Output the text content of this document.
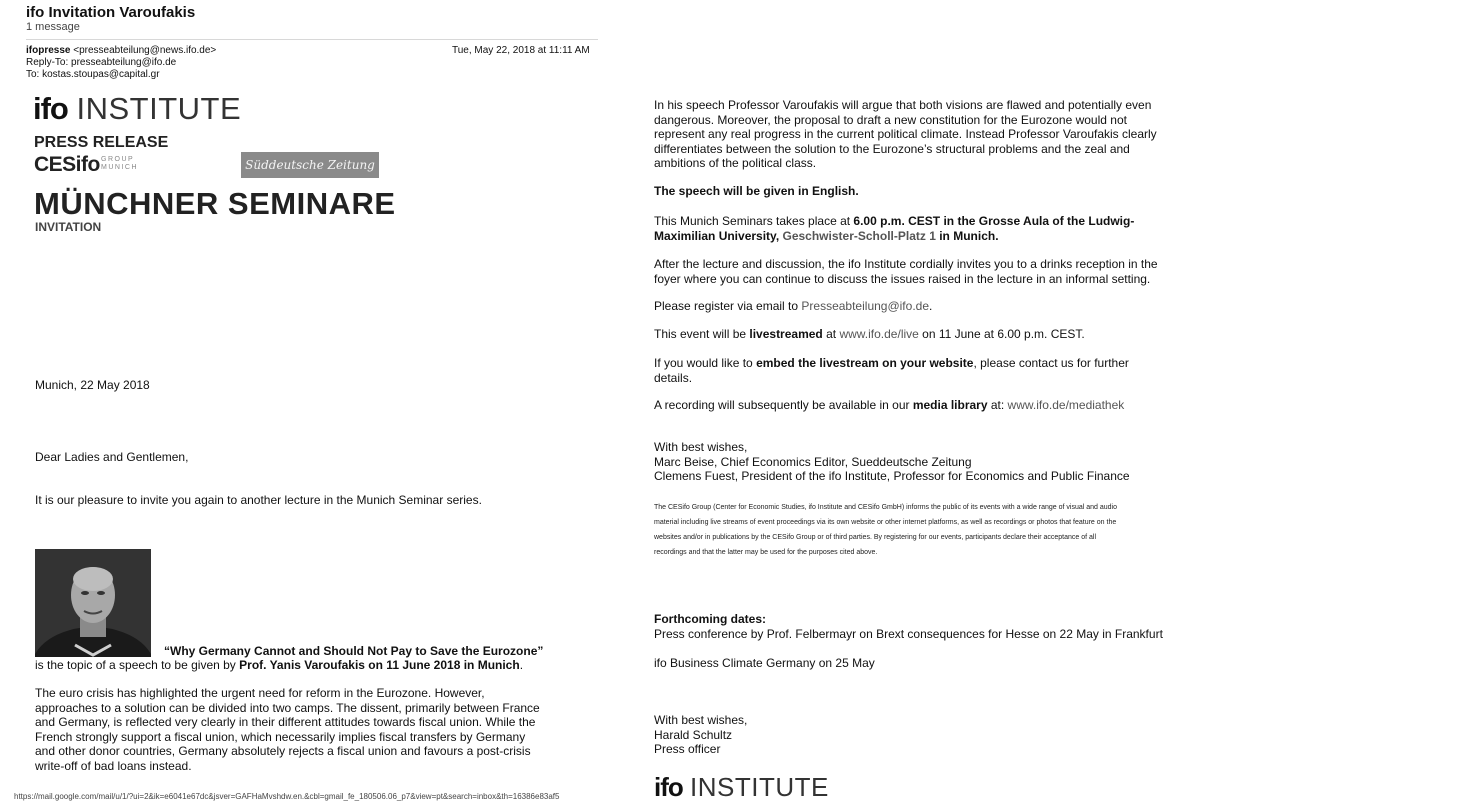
ifo Invitation Varoufakis
1 message
ifopresse <presseabteilung@news.ifo.de>	Tue, May 22, 2018 at 11:11 AM
Reply-To: presseabteilung@ifo.de
To: kostas.stoupas@capital.gr
ifo INSTITUTE
PRESS RELEASE
CESifo GROUP
MUNICH	Süddeutsche Zeitung
MÜNCHNER SEMINARE
INVITATION
Munich, 22 May 2018
Dear Ladies and Gentlemen,
It is our pleasure to invite you again to another lecture in the Munich Seminar series.
“Why Germany Cannot and Should Not Pay to Save the Eurozone”
is the topic of a speech to be given by Prof. Yanis Varoufakis on 11 June 2018 in Munich.
The euro crisis has highlighted the urgent need for reform in the Eurozone. However,
approaches to a solution can be divided into two camps. The dissent, primarily between France
and Germany, is reflected very clearly in their different attitudes towards fiscal union. While the
French strongly support a fiscal union, which necessarily implies fiscal transfers by Germany
and other donor countries, Germany absolutely rejects a fiscal union and favours a post-crisis
write-off of bad loans instead.
In his speech Professor Varoufakis will argue that both visions are flawed and potentially even
dangerous. Moreover, the proposal to draft a new constitution for the Eurozone would not
represent any real progress in the current political climate. Instead Professor Varoufakis clearly
differentiates between the solution to the Eurozone’s structural problems and the zeal and
ambitions of the political class.
The speech will be given in English.
This Munich Seminars takes place at 6.00 p.m. CEST in the Grosse Aula of the Ludwig-
Maximilian University, Geschwister-Scholl-Platz 1 in Munich.
After the lecture and discussion, the ifo Institute cordially invites you to a drinks reception in the
foyer where you can continue to discuss the issues raised in the lecture in an informal setting.
Please register via email to Presseabteilung@ifo.de.
This event will be livestreamed at www.ifo.de/live on 11 June at 6.00 p.m. CEST.
If you would like to embed the livestream on your website, please contact us for further
details.
A recording will subsequently be available in our media library at: www.ifo.de/mediathek
With best wishes,
Marc Beise, Chief Economics Editor, Sueddeutsche Zeitung
Clemens Fuest, President of the ifo Institute, Professor for Economics and Public Finance
The CESifo Group (Center for Economic Studies, ifo Institute and CESifo GmbH) informs the public of its events with a wide range of visual and audio
material including live streams of event proceedings via its own website or other internet platforms, as well as recordings or photos that feature on the
websites and/or in publications by the CESifo Group or of third parties. By registering for our events, participants declare their acceptance of all
recordings and that the latter may be used for the purposes cited above.
Forthcoming dates:
Press conference by Prof. Felbermayr on Brext consequences for Hesse on 22 May in Frankfurt
ifo Business Climate Germany on 25 May
With best wishes,
Harald Schultz
Press officer
ifo INSTITUTE
https://mail.google.com/mail/u/1/?ui=2&ik=e6041e67dc&jsver=GAFHaMvshdw.en.&cbl=gmail_fe_180506.06_p7&view=pt&search=inbox&th=16386e83af5
